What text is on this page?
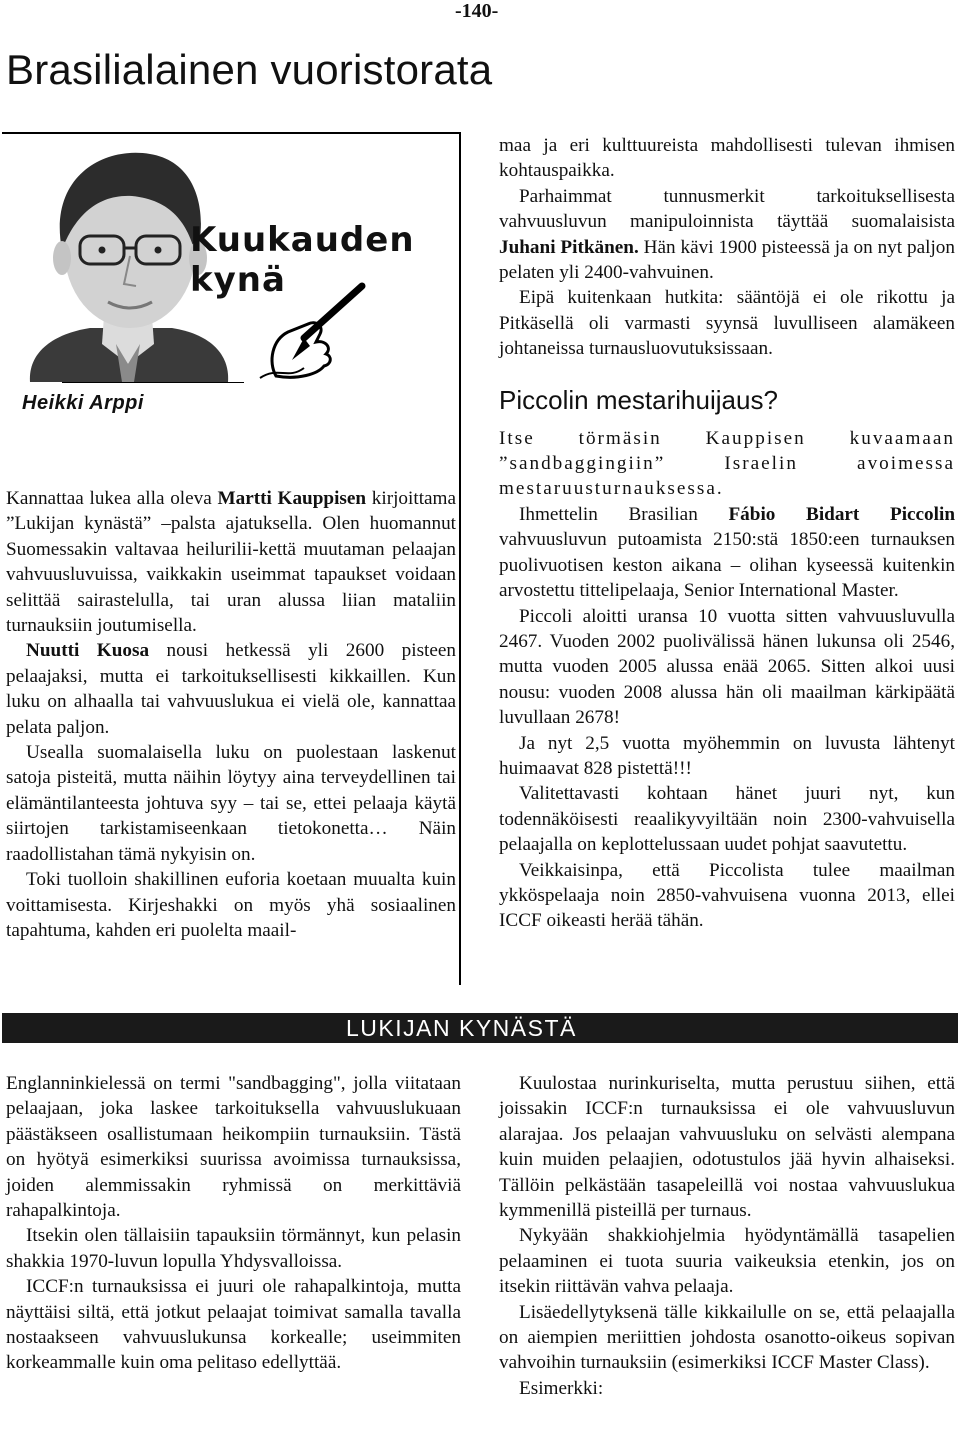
-140-
Brasilialainen vuoristorata
Kuukauden
kynä
Heikki Arppi

Kannattaa lukea alla oleva Martti Kauppisen kirjoittama ”Lukijan kynästä” –palsta ajatuksella. Olen huomannut Suomessakin valtavaa heilurilii-kettä muutaman pelaajan vahvuusluvuissa, vaikkakin useimmat tapaukset voidaan selittää sairastelulla, tai uran alussa liian mataliin turnauksiin joutumisella.

Nuutti Kuosa nousi hetkessä yli 2600 pisteen pelaajaksi, mutta ei tarkoituksellisesti kikkaillen. Kun luku on alhaalla tai vahvuuslukua ei vielä ole, kannattaa pelata paljon.

Usealla suomalaisella luku on puolestaan laskenut satoja pisteitä, mutta näihin löytyy aina terveydellinen tai elämäntilanteesta johtuva syy – tai se, ettei pelaaja käytä siirtojen tarkistamiseenkaan tietokonetta… Näin raadollistahan tämä nykyisin on.

Toki tuolloin shakillinen euforia koetaan muualta kuin voittamisesta. Kirjeshakki on myös yhä sosiaalinen tapahtuma, kahden eri puolelta maail-

maa ja eri kulttuureista mahdollisesti tulevan ihmisen kohtauspaikka.

Parhaimmat tunnusmerkit tarkoituksellisesta vahvuusluvun manipuloinnista täyttää suomalaisista Juhani Pitkänen. Hän kävi 1900 pisteessä ja on nyt paljon pelaten yli 2400-vahvuinen.

Eipä kuitenkaan hutkita: sääntöjä ei ole rikottu ja Pitkäsellä oli varmasti syynsä luvulliseen alamäkeen johtaneissa turnausluovutuksissaan.

Piccolin mestarihuijaus?

Itse törmäsin Kauppisen kuvaamaan ”sandbaggingiin” Israelin avoimessa mestaruusturnauksessa.

Ihmettelin Brasilian Fábio Bidart Piccolin vahvuusluvun putoamista 2150:stä 1850:een turnauksen puolivuotisen keston aikana – olihan kyseessä kuitenkin arvostettu tittelipelaaja, Senior International Master.

Piccoli aloitti uransa 10 vuotta sitten vahvuusluvulla 2467. Vuoden 2002 puolivälissä hänen lukunsa oli 2546, mutta vuoden 2005 alussa enää 2065. Sitten alkoi uusi nousu: vuoden 2008 alussa hän oli maailman kärkipäätä luvullaan 2678!

Ja nyt 2,5 vuotta myöhemmin on luvusta lähtenyt huimaavat 828 pistettä!!!

Valitettavasti kohtaan hänet juuri nyt, kun todennäköisesti reaalikyvyiltään noin 2300-vahvuisella pelaajalla on keplottelussaan uudet pohjat saavutettu.

Veikkaisinpa, että Piccolista tulee maailman ykköspelaaja noin 2850-vahvuisena vuonna 2013, ellei ICCF oikeasti herää tähän.

LUKIJAN KYNÄSTÄ

Englanninkielessä on termi "sandbagging", jolla viitataan pelaajaan, joka laskee tarkoituksella vahvuuslukuaan päästäkseen osallistumaan heikompiin turnauksiin. Tästä on hyötyä esimerkiksi suurissa avoimissa turnauksissa, joiden alemmissakin ryhmissä on merkittäviä rahapalkintoja.

Itsekin olen tällaisiin tapauksiin törmännyt, kun pelasin shakkia 1970-luvun lopulla Yhdysvalloissa.

ICCF:n turnauksissa ei juuri ole rahapalkintoja, mutta näyttäisi siltä, että jotkut pelaajat toimivat samalla tavalla nostaakseen vahvuuslukunsa korkealle; useimmiten korkeammalle kuin oma pelitaso edellyttää.

Kuulostaa nurinkuriselta, mutta perustuu siihen, että joissakin ICCF:n turnauksissa ei ole vahvuusluvun alarajaa. Jos pelaajan vahvuusluku on selvästi alempana kuin muiden pelaajien, odotustulos jää hyvin alhaiseksi. Tällöin pelkästään tasapeleillä voi nostaa vahvuuslukua kymmenillä pisteillä per turnaus.

Nykyään shakkiohjelmia hyödyntämällä tasapelien pelaaminen ei tuota suuria vaikeuksia etenkin, jos on itsekin riittävän vahva pelaaja.

Lisäedellytyksenä tälle kikkailulle on se, että pelaajalla on aiempien meriittien johdosta osanotto-oikeus sopivan vahvoihin turnauksiin (esimerkiksi ICCF Master Class).

Esimerkki:
